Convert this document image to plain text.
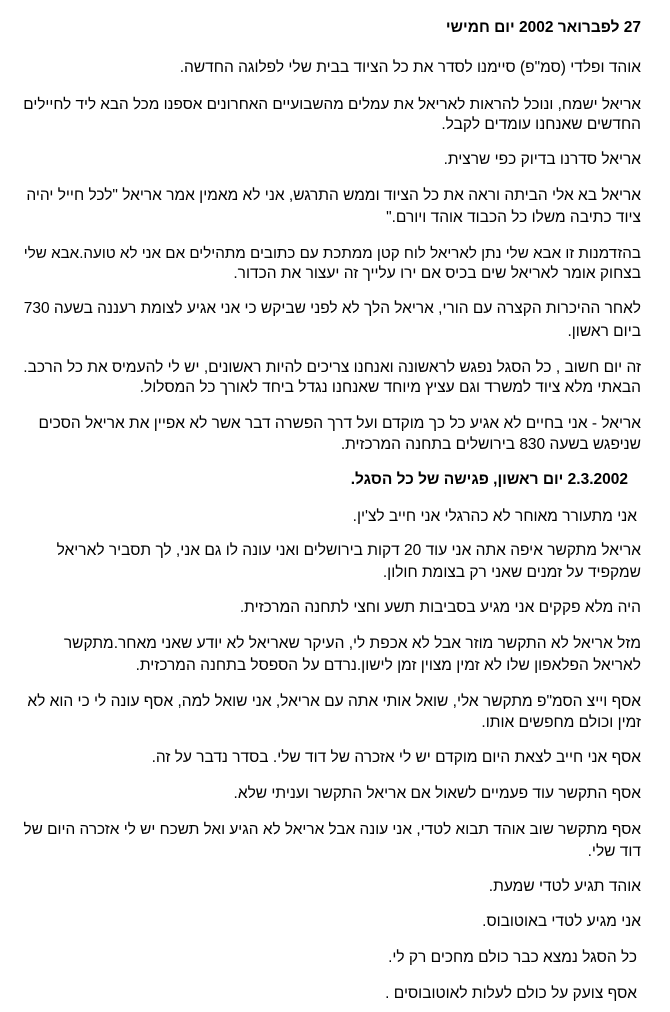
27 לפברואר 2002 יום חמישי
אוהד ופלדי (סמ"פ) סיימנו לסדר את כל הציוד בבית שלי לפלוגה החדשה.
אריאל ישמח, ונוכל להראות לאריאל את עמלים מהשבועיים האחרונים אספנו מכל הבא ליד לחיילים
החדשים שאנחנו עומדים לקבל.
אריאל סדרנו בדיוק כפי שרצית.
אריאל בא אלי הביתה וראה את כל הציוד וממש התרגש, אני לא מאמין אמר אריאל "לכל חייל יהיה
ציוד כתיבה משלו כל הכבוד אוהד ויורם."
בהזדמנות זו אבא שלי נתן לאריאל לוח קטן ממתכת עם כתובים מתהילים אם אני לא טועה.אבא שלי
בצחוק אומר לאריאל שים בכיס אם ירו עלייך זה יעצור את הכדור.
לאחר ההיכרות הקצרה עם הורי, אריאל הלך לא לפני שביקש כי אני אגיע לצומת רעננה בשעה 730
ביום ראשון.
זה יום חשוב , כל הסגל נפגש לראשונה ואנחנו צריכים להיות ראשונים, יש לי להעמיס את כל הרכב.
הבאתי מלא ציוד למשרד וגם עציץ מיוחד שאנחנו נגדל ביחד לאורך כל המסלול.
אריאל - אני בחיים לא אגיע כל כך מוקדם ועל דרך הפשרה דבר אשר לא אפיין את אריאל הסכים
שניפגש בשעה 830 בירושלים בתחנה המרכזית.
2.3.2002 יום ראשון, פגישה של כל הסגל.
אני מתעורר מאוחר לא כהרגלי אני חייב לצ'ין.
אריאל מתקשר איפה אתה אני עוד 20 דקות בירושלים ואני עונה לו גם אני, לך תסביר לאריאל
שמקפיד על זמנים שאני רק בצומת חולון.
היה מלא פקקים אני מגיע בסביבות תשע וחצי לתחנה המרכזית.
מזל אריאל לא התקשר מוזר אבל לא אכפת לי, העיקר שאריאל לא יודע שאני מאחר.מתקשר
לאריאל הפלאפון שלו לא זמין מצוין זמן לישון.נרדם על הספסל בתחנה המרכזית.
אסף וייצ הסמ"פ מתקשר אלי, שואל אותי אתה עם אריאל, אני שואל למה, אסף עונה לי כי הוא לא
זמין וכולם מחפשים אותו.
אסף אני חייב לצאת היום מוקדם יש לי אזכרה של דוד שלי. בסדר נדבר על זה.
אסף התקשר עוד פעמיים לשאול אם אריאל התקשר ועניתי שלא.
אסף מתקשר שוב אוהד תבוא לטדי, אני עונה אבל אריאל לא הגיע ואל תשכח יש לי אזכרה היום של
דוד שלי.
אוהד תגיע לטדי שמעת.
אני מגיע לטדי באוטובוס.
כל הסגל נמצא כבר כולם מחכים רק לי.
אסף צועק על כולם לעלות לאוטובוסים .
